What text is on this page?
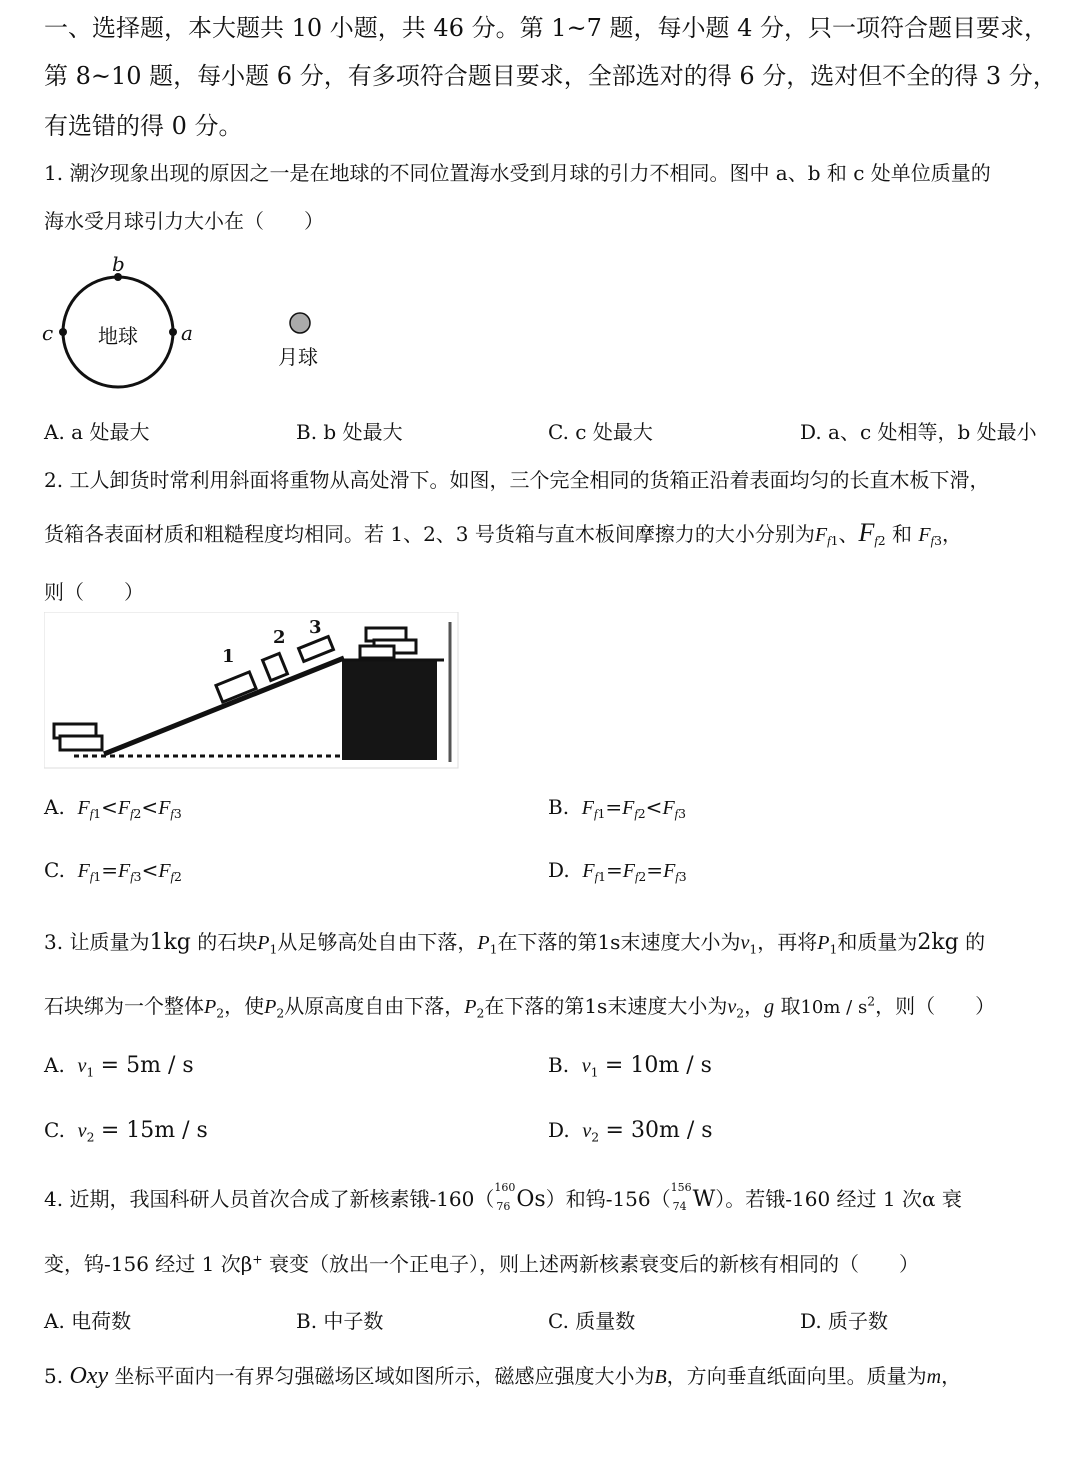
一、选择题，本大题共 10 小题，共 46 分。第 1~7 题，每小题 4 分，只一项符合题目要求，
第 8~10 题，每小题 6 分，有多项符合题目要求，全部选对的得 6 分，选对但不全的得 3 分，
有选错的得 0 分。
1. 潮汐现象出现的原因之一是在地球的不同位置海水受到月球的引力不相同。图中 a、b 和 c 处单位质量的
海水受月球引力大小在（　　）
b
c	a
地球
月球
A. a 处最大	B. b 处最大	C. c 处最大	D. a、c 处相等，b 处最小
2. 工人卸货时常利用斜面将重物从高处滑下。如图，三个完全相同的货箱正沿着表面均匀的长直木板下滑，
货箱各表面材质和粗糙程度均相同。若 1、2、3 号货箱与直木板间摩擦力的大小分别为$F_{f1}$、$F_{f2}$ 和 $F_{f3}$，
则（　　）
1
2 3
A. $F_{f1}<F_{f2}<F_{f3}$	B. $F_{f1}=F_{f2}<F_{f3}$
C. $F_{f1}=F_{f3}<F_{f2}$	D. $F_{f1}=F_{f2}=F_{f3}$
3. 让质量为1kg 的石块$P_1$从足够高处自由下落，$P_1$在下落的第1s末速度大小为$v_1$，再将$P_1$和质量为2kg 的
石块绑为一个整体$P_2$，使$P_2$从原高度自由下落，$P_2$在下落的第1s末速度大小为$v_2$，g 取$10m / s^2$，则（　　）
A. $v_1 = 5m / s$	B. $v_1 = 10m / s$
C. $v_2 = 15m / s$	D. $v_2 = 30m / s$
4. 近期，我国科研人员首次合成了新核素锇-160（ 160
76 Os）和钨-156（ 156
74 W）。若锇-160 经过 1 次α 衰
变，钨-156 经过 1 次β+ 衰变（放出一个正电子），则上述两新核素衰变后的新核有相同的（　　）
A. 电荷数	B. 中子数	C. 质量数	D. 质子数
5. Oxy 坐标平面内一有界匀强磁场区域如图所示，磁感应强度大小为B，方向垂直纸面向里。质量为m，
